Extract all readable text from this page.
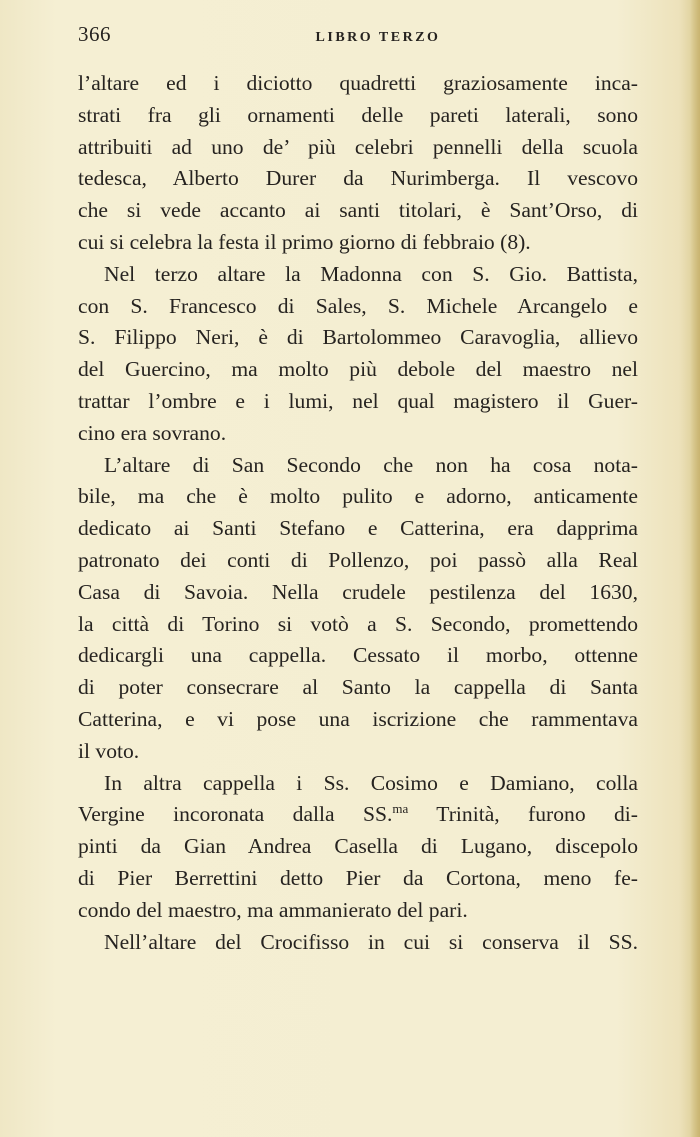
366	LIBRO TERZO
l’altare ed i diciotto quadretti graziosamente inca-
strati fra gli ornamenti delle pareti laterali, sono
attribuiti ad uno de’ più celebri pennelli della scuola
tedesca, Alberto Durer da Nurimberga. Il vescovo
che si vede accanto ai santi titolari, è Sant’Orso, di
cui si celebra la festa il primo giorno di febbraio (8).
Nel terzo altare la Madonna con S. Gio. Battista,
con S. Francesco di Sales, S. Michele Arcangelo e
S. Filippo Neri, è di Bartolommeo Caravoglia, allievo
del Guercino, ma molto più debole del maestro nel
trattar l’ombre e i lumi, nel qual magistero il Guer-
cino era sovrano.
L’altare di San Secondo che non ha cosa nota-
bile, ma che è molto pulito e adorno, anticamente
dedicato ai Santi Stefano e Catterina, era dapprima
patronato dei conti di Pollenzo, poi passò alla Real
Casa di Savoia. Nella crudele pestilenza del 1630,
la città di Torino si votò a S. Secondo, promettendo
dedicargli una cappella. Cessato il morbo, ottenne
di poter consecrare al Santo la cappella di Santa
Catterina, e vi pose una iscrizione che rammentava
il voto.
In altra cappella i Ss. Cosimo e Damiano, colla
Vergine incoronata dalla SS.$^{ma}$ Trinità, furono di-
pinti da Gian Andrea Casella di Lugano, discepolo
di Pier Berrettini detto Pier da Cortona, meno fe-
condo del maestro, ma ammanierato del pari.
Nell’altare del Crocifisso in cui si conserva il SS.
